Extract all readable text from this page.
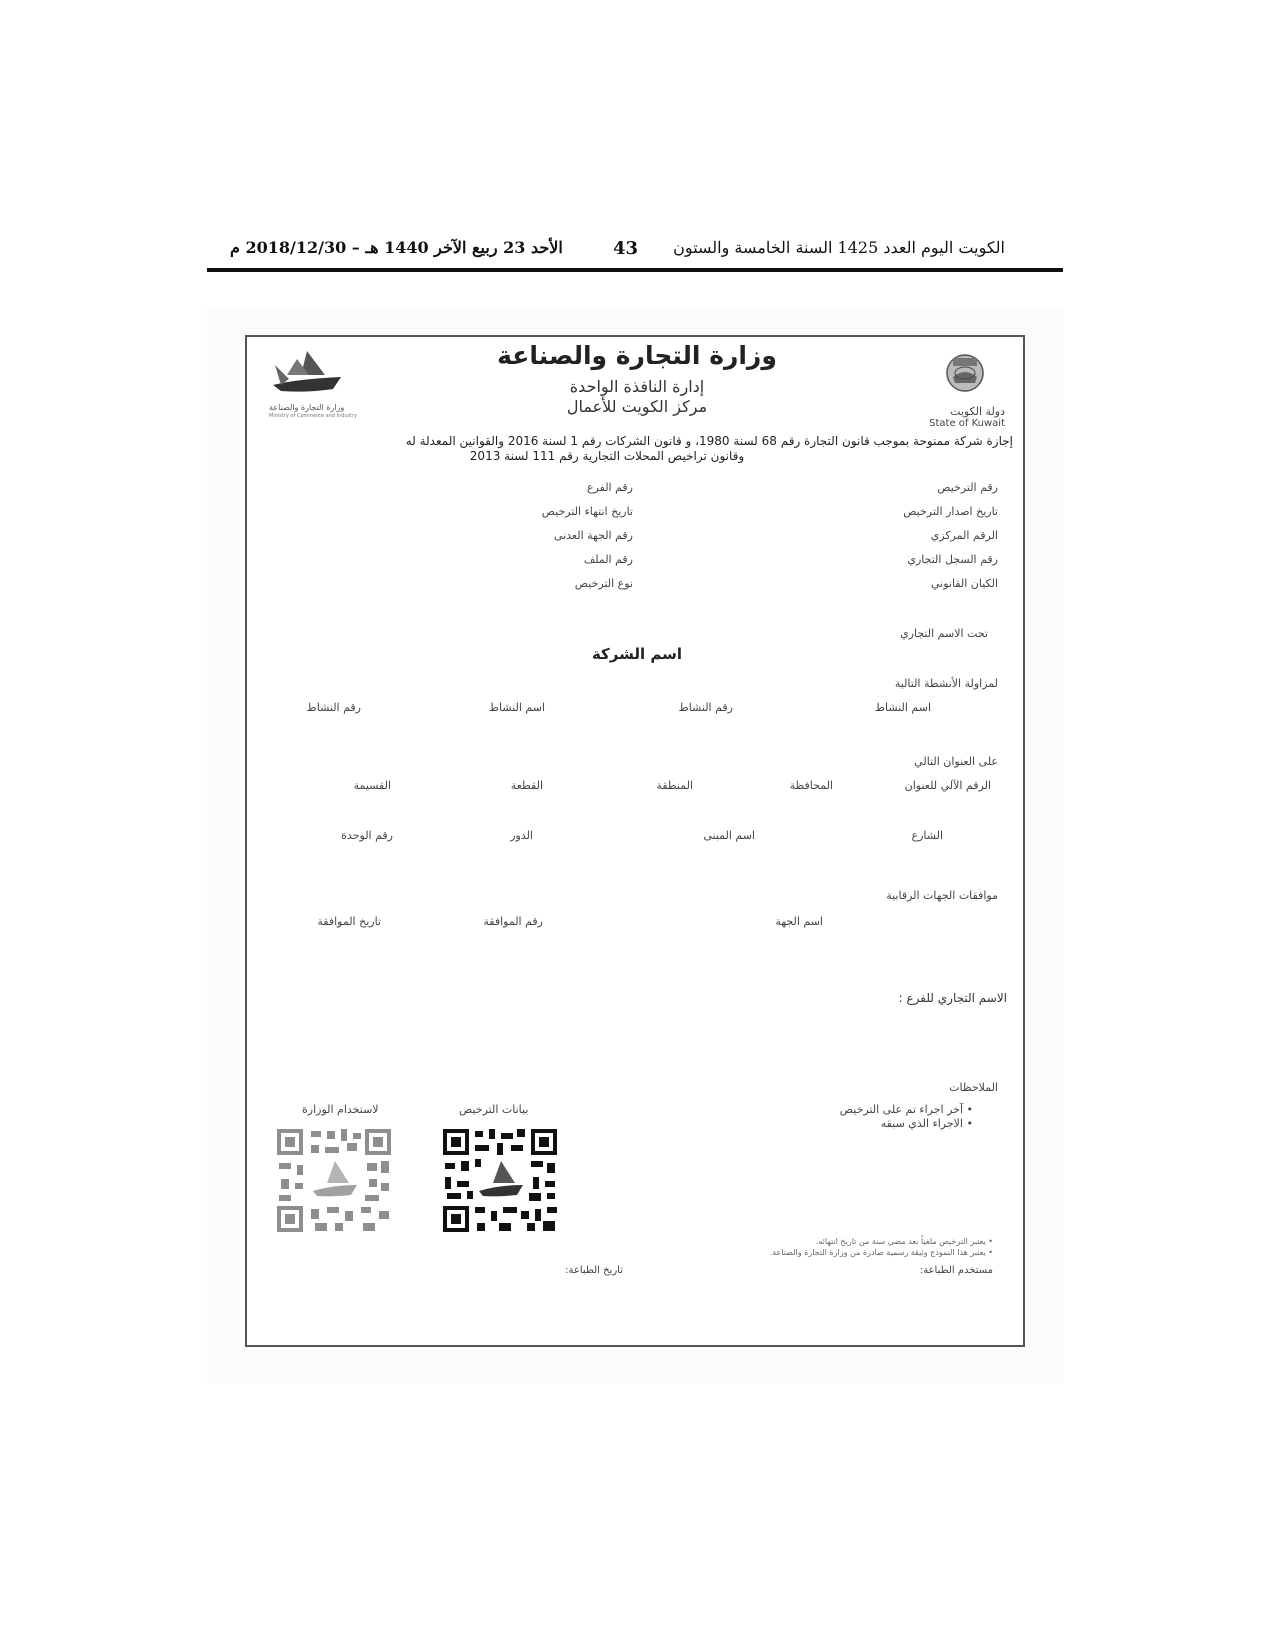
الكويت اليوم العدد 1425 السنة الخامسة والستون
43
الأحد 23 ربيع الآخر 1440 هـ – 2018/12/30 م
دولة الكويت
State of Kuwait
وزارة التجارة والصناعة
Ministry of Commerce and Industry
وزارة التجارة والصناعة
إدارة النافذة الواحدة
مركز الكويت للأعمال
إجازة شركة ممنوحة بموجب قانون التجارة رقم 68 لسنة 1980، و قانون الشركات رقم 1 لسنة 2016 والقوانين المعدلة له
وقانون تراخيص المحلات التجارية رقم 111 لسنة 2013
رقم الترخيص
تاريخ اصدار الترخيص
الرقم المركزي
رقم السجل التجاري
الكيان القانوني
رقم الفرع
تاريخ انتهاء الترخيص
رقم الجهة العدنى
رقم الملف
نوع الترخيص
تحت الاسم التجاري
اسم الشركة
لمزاولة الأنشطة التالية
اسم النشاط
رقم النشاط
اسم النشاط
رقم النشاط
على العنوان التالي
الرقم الآلي للعنوان
المحافظة
المنطقة
القطعة
القسيمة
الشارع
اسم المبنى
الدور
رقم الوحدة
موافقات الجهات الرقابية
اسم الجهة
رقم الموافقة
تاريخ الموافقة
الاسم التجاري للفرع :
الملاحظات
• آخر اجراء تم على الترخيص
• الاجراء الذي سبقه
بيانات الترخيص
لاستخدام الوزارة
• يعتبر الترخيص ملغياً بعد مضي سنة من تاريخ انتهائه.
• يعتبر هذا النموذج وثيقة رسمية صادرة من وزارة التجارة والصناعة.
مستخدم الطباعة:
تاريخ الطباعة:
